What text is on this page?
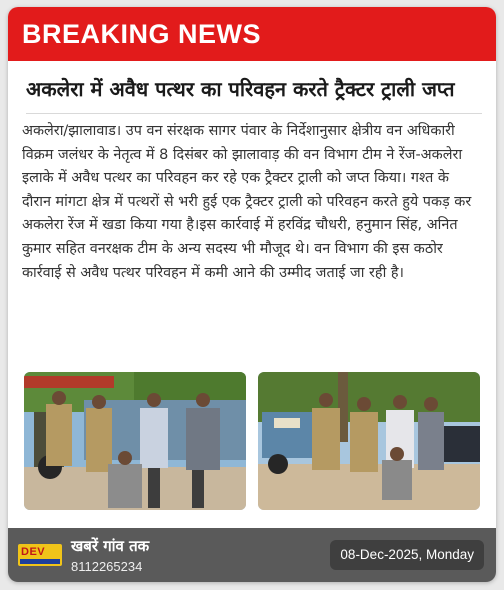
BREAKING NEWS
अकलेरा में अवैध पत्थर का परिवहन करते ट्रैक्टर ट्राली जप्त
अकलेरा/झालावाड। उप वन संरक्षक सागर पंवार के निर्देशानुसार क्षेत्रीय वन अधिकारी विक्रम जलंधर के नेतृत्व में 8 दिसंबर को झालावाड़ की वन विभाग टीम ने रेंज-अकलेरा इलाके में अवैध पत्थर का परिवहन कर रहे एक ट्रैक्टर ट्राली को जप्त किया। गश्त के दौरान मांगटा क्षेत्र में पत्थरों से भरी हुई एक ट्रैक्टर ट्राली को परिवहन करते हुये पकड़ कर अकलेरा रेंज में खडा किया गया है।इस कार्रवाई में हरविंद्र चौधरी, हनुमान सिंह, अनित कुमार सहित वनरक्षक टीम के अन्य सदस्य भी मौजूद थे। वन विभाग की इस कठोर कार्रवाई से अवैध पत्थर परिवहन में कमी आने की उम्मीद जताई जा रही है।
DEV	खबरें गांव तक
8112265234
08-Dec-2025, Monday
